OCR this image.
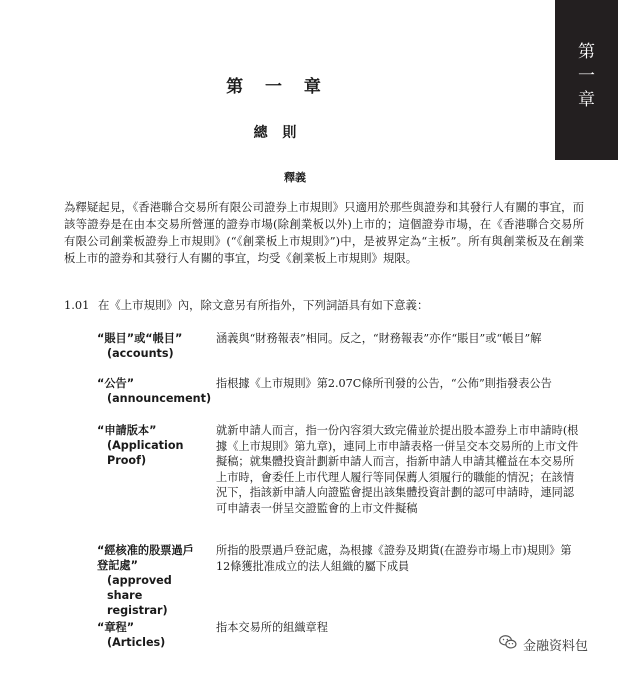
第
一
章
第 一 章
總 則
釋義

為釋疑起見，《香港聯合交易所有限公司證券上市規則》只適用於那些與證券和其發行人有關的事宜，而該等證券是在由本交易所營運的證券市場(除創業板以外)上市的；這個證券市場，在《香港聯合交易所有限公司創業板證券上市規則》(“《創業板上市規則》”)中，是被界定為“主板”。所有與創業板及在創業板上市的證券和其發行人有關的事宜，均受《創業板上市規則》規限。

1.01 在《上市規則》內，除文意另有所指外，下列詞語具有如下意義：
“賬目”或“帳目”
(accounts)

涵義與“財務報表”相同。反之，“財務報表”亦作“賬目”或“帳目”解

“公告”
(announcement)

指根據《上市規則》第2.07C條所刊發的公告，“公佈”則指發表公告

“申請版本”
(Application Proof)

就新申請人而言，指一份內容須大致完備並於提出股本證券上市申請時(根據《上市規則》第九章)，連同上市申請表格一併呈交本交易所的上市文件擬稿；就集體投資計劃新申請人而言，指新申請人申請其權益在本交易所上市時，會委任上市代理人履行等同保薦人須履行的職能的情況；在該情況下，指該新申請人向證監會提出該集體投資計劃的認可申請時，連同認可申請表一併呈交證監會的上市文件擬稿

“經核准的股票過戶登記處”
(approved share registrar)

所指的股票過戶登記處，為根據《證券及期貨(在證券市場上市)規則》第12條獲批准成立的法人組織的屬下成員

“章程”
(Articles)

指本交易所的組織章程

金融资料包
